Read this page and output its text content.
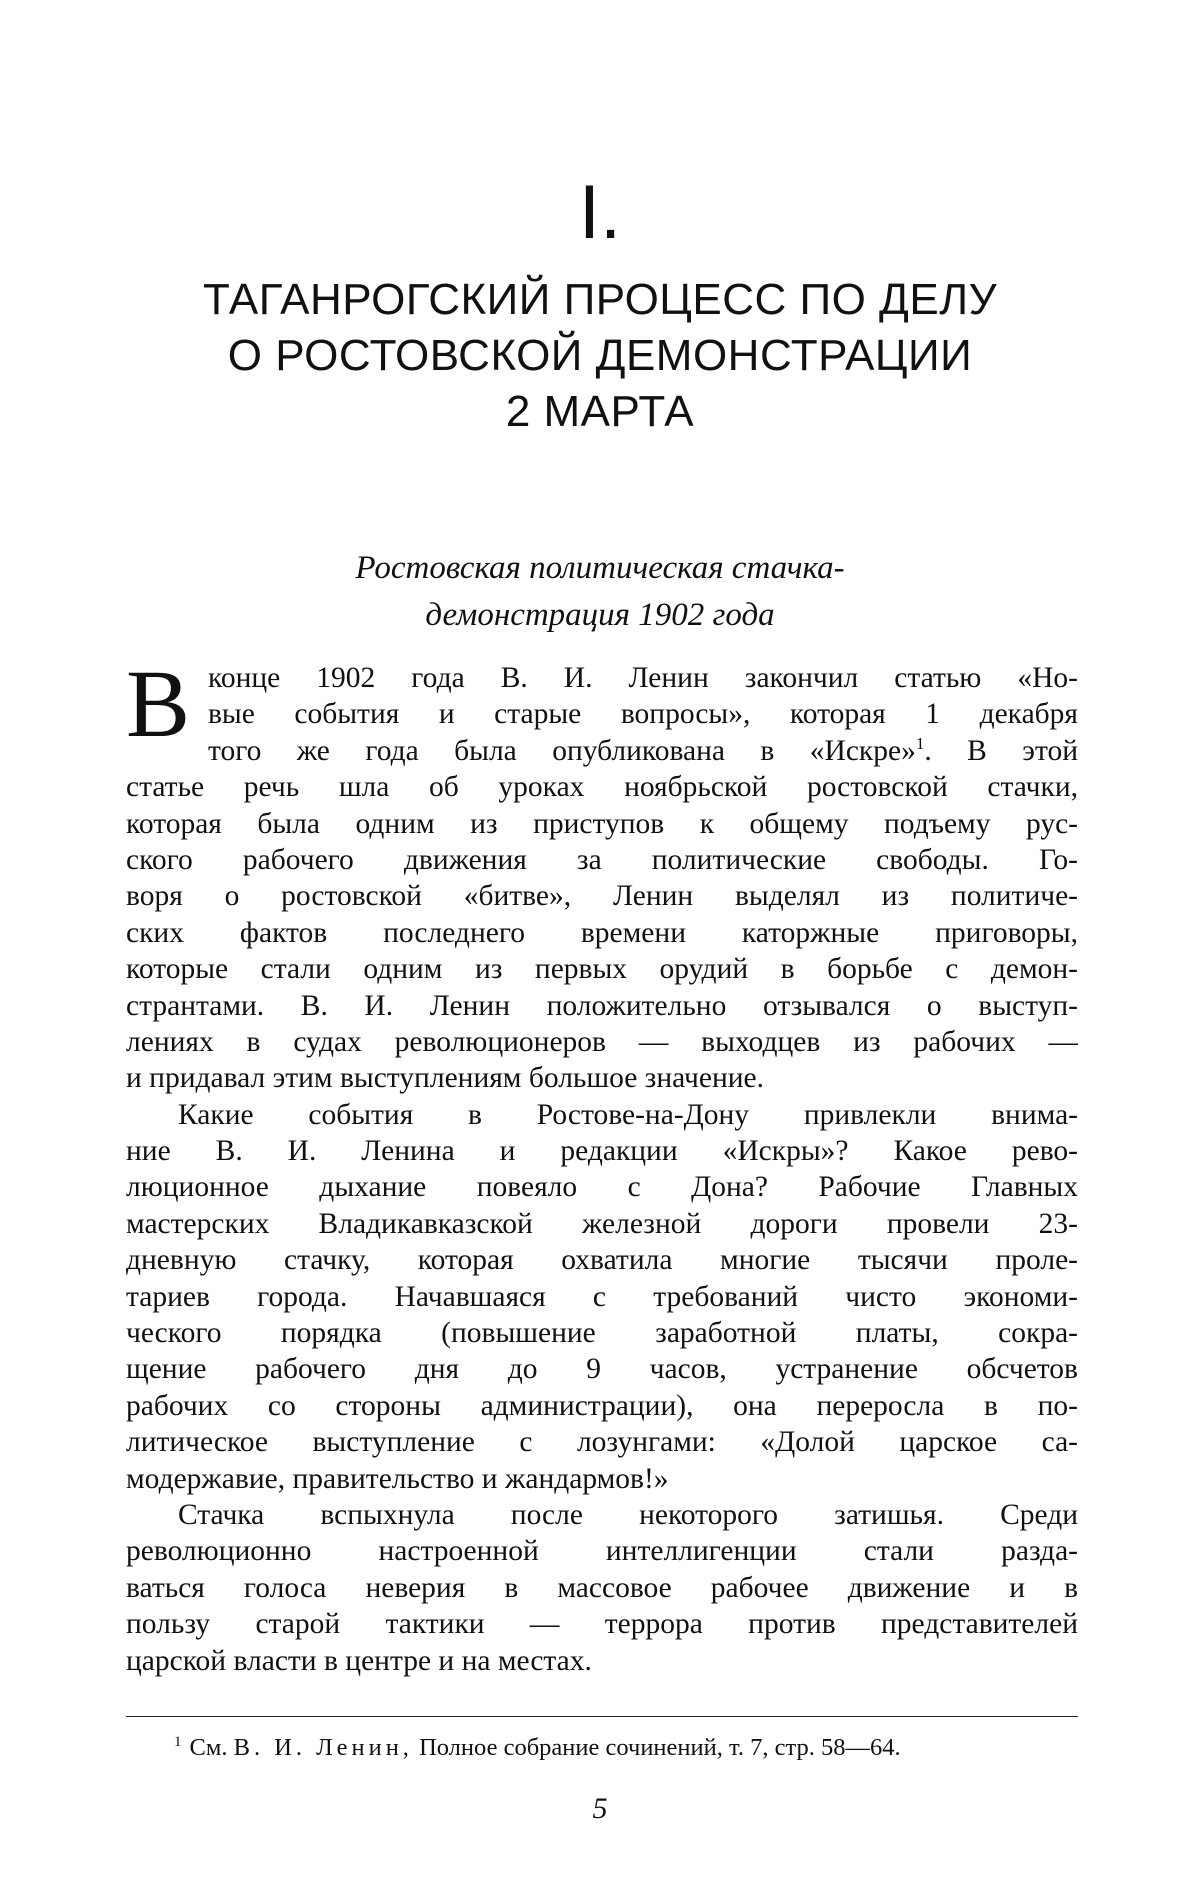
I.
ТАГАНРОГСКИЙ ПРОЦЕСС ПО ДЕЛУ
О РОСТОВСКОЙ ДЕМОНСТРАЦИИ
2 МАРТА
Ростовская политическая стачка-
демонстрация 1902 года
В конце 1902 года В. И. Ленин закончил статью «Но-
вые события и старые вопросы», которая 1 декабря
того же года была опубликована в «Искре»$^1$. В этой
статье речь шла об уроках ноябрьской ростовской стачки,
которая была одним из приступов к общему подъему рус-
ского рабочего движения за политические свободы. Го-
воря о ростовской «битве», Ленин выделял из политиче-
ских фактов последнего времени каторжные приговоры,
которые стали одним из первых орудий в борьбе с демон-
странтами. В. И. Ленин положительно отзывался о выступ-
лениях в судах революционеров — выходцев из рабочих —
и придавал этим выступлениям большое значение.
Какие события в Ростове-на-Дону привлекли внима-
ние В. И. Ленина и редакции «Искры»? Какое рево-
люционное дыхание повеяло с Дона? Рабочие Главных
мастерских Владикавказской железной дороги провели 23-
дневную стачку, которая охватила многие тысячи проле-
тариев города. Начавшаяся с требований чисто экономи-
ческого порядка (повышение заработной платы, сокра-
щение рабочего дня до 9 часов, устранение обсчетов
рабочих со стороны администрации), она переросла в по-
литическое выступление с лозунгами: «Долой царское са-
модержавие, правительство и жандармов!»
Стачка вспыхнула после некоторого затишья. Среди
революционно настроенной интеллигенции стали разда-
ваться голоса неверия в массовое рабочее движение и в
пользу старой тактики — террора против представителей
царской власти в центре и на местах.
$^1$ См. В. И. Ленин, Полное собрание сочинений, т. 7, стр. 58—64.
5
